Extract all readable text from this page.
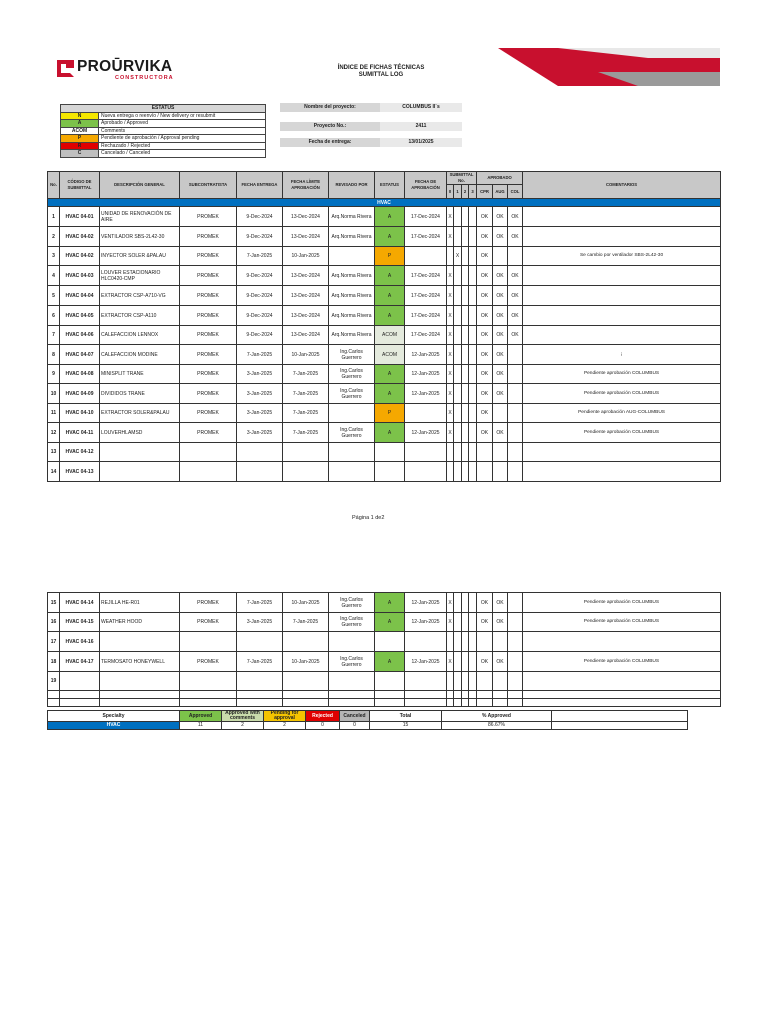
PROŪRVIKA
CONSTRUCTORA
ÍNDICE DE FICHAS TÉCNICAS
SUMITTAL LOG
ESTATUS	
N	Nueva entrega o reenvío / New delivery or resubmit
A	Aprobado / Approved
ACOM	Comments
P	Pendiente de aprobación / Approval pending
R	Rechazado / Rejected
C	Cancelado / Canceled
Nombre del proyecto:	COLUMBUS II´s
Proyecto No.:	2411
Fecha de entrega:	13/01/2025
No.	CÓDIGO DE SUBMITTAL	DESCRIPCIÓN GENERAL	SUBCONTRATISTA	FECHA ENTREGA	FECHA LÍMITE APROBACIÓN	REVISADO POR	ESTATUS	FECHA DE APROBACIÓN	SUBMITTAL No.				APROBADO			COMENTARIOS
									0	1	2	3	CPR	AUG	COL	
HVAC																
1	HVAC 04-01	UNIDAD DE RENOVACIÓN DE AIRE	PROMEK	9-Dec-2024	13-Dec-2024	Arq.Norma Rivera	A	17-Dec-2024	X				OK	OK	OK	
2	HVAC 04-02	VENTILADOR SBS-2L42-30	PROMEK	9-Dec-2024	13-Dec-2024	Arq.Norma Rivera	A	17-Dec-2024	X				OK	OK	OK	
3	HVAC 04-02	INYECTOR SOLER &PALAU	PROMEK	7-Jan-2025	10-Jan-2025		P			X			OK			Se cambio por ventilador SBS-2L42-30
4	HVAC 04-03	LOUVER ESTACIONARIO HLC0420-CMP	PROMEK	9-Dec-2024	13-Dec-2024	Arq.Norma Rivera	A	17-Dec-2024	X				OK	OK	OK	
5	HVAC 04-04	EXTRACTOR CSP-A710-VG	PROMEK	9-Dec-2024	13-Dec-2024	Arq.Norma Rivera	A	17-Dec-2024	X				OK	OK	OK	
6	HVAC 04-05	EXTRACTOR CSP-A110	PROMEK	9-Dec-2024	13-Dec-2024	Arq.Norma Rivera	A	17-Dec-2024	X				OK	OK	OK	
7	HVAC 04-06	CALEFACCION LENNOX	PROMEK	9-Dec-2024	13-Dec-2024	Arq.Norma Rivera	ACOM	17-Dec-2024	X				OK	OK	OK	
8	HVAC 04-07	CALEFACCION MODINE	PROMEK	7-Jan-2025	10-Jan-2025	Ing.Carlos Guerrero	ACOM	12-Jan-2025	X				OK	OK		¡
9	HVAC 04-08	MINISPLIT TRANE	PROMEK	3-Jan-2025	7-Jan-2025	Ing.Carlos Guerrero	A	12-Jan-2025	X				OK	OK		Pendiente aprobación COLUMBUS
10	HVAC 04-09	DIVIDIDOS TRANE	PROMEK	3-Jan-2025	7-Jan-2025	Ing.Carlos Guerrero	A	12-Jan-2025	X				OK	OK		Pendiente aprobación COLUMBUS
11	HVAC 04-10	EXTRACTOR SOLER&PALAU	PROMEK	3-Jan-2025	7-Jan-2025		P		X				OK			Pendiente aprobación AUG-COLUMBUS
12	HVAC 04-11	LOUVERHLAMSD	PROMEK	3-Jan-2025	7-Jan-2025	Ing.Carlos Guerrero	A	12-Jan-2025	X				OK	OK		Pendiente aprobación COLUMBUS
13	HVAC 04-12															
14	HVAC 04-13															
Página 1 de2
15	HVAC 04-14	REJILLA HE-R01	PROMEK	7-Jan-2025	10-Jan-2025	Ing.Carlos Guerrero	A	12-Jan-2025	X				OK	OK		Pendiente aprobación COLUMBUS
16	HVAC 04-15	WEATHER HOOD	PROMEK	3-Jan-2025	7-Jan-2025	Ing.Carlos Guerrero	A	12-Jan-2025	X				OK	OK		Pendiente aprobación COLUMBUS
17	HVAC 04-16															
18	HVAC 04-17	TERMOSATO HONEYWELL	PROMEK	7-Jan-2025	10-Jan-2025	Ing.Carlos Guerrero	A	12-Jan-2025	X				OK	OK		Pendiente aprobación COLUMBUS
19																

Specialty	Approved	Approved with comments	Pending for approval	Rejected	Canceled	Total	% Approved	
HVAC	11	2	2	0	0	15	86.67%	
